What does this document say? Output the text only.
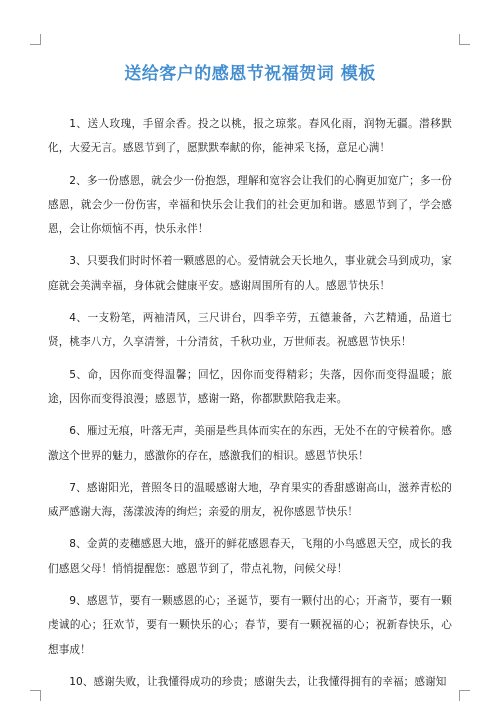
送给客户的感恩节祝福贺词 模板

1、送人玫瑰，手留余香。投之以桃，报之琼浆。春风化雨，润物无疆。潜移默化，大爱无言。感恩节到了，愿默默奉献的你，能神采飞扬，意足心满！

2、多一份感恩，就会少一份抱怨，理解和宽容会让我们的心胸更加宽广；多一份感恩，就会少一份伤害，幸福和快乐会让我们的社会更加和谐。感恩节到了，学会感恩，会让你烦恼不再，快乐永伴！

3、只要我们时时怀着一颗感恩的心。爱情就会天长地久，事业就会马到成功，家庭就会美满幸福，身体就会健康平安。感谢周围所有的人。感恩节快乐！

4、一支粉笔，两袖清风，三尺讲台，四季辛劳，五德兼备，六艺精通，品道七贤，桃李八方，久享清誉，十分清贫，千秋功业，万世师表。祝感恩节快乐！

5、命，因你而变得温馨；回忆，因你而变得精彩；失落，因你而变得温暖；旅途，因你而变得浪漫；感恩节，感谢一路，你都默默陪我走来。

6、雁过无痕，叶落无声，美丽是些具体而实在的东西，无处不在的守候着你。感激这个世界的魅力，感激你的存在，感激我们的相识。感恩节快乐！

7、感谢阳光，普照冬日的温暖感谢大地，孕育果实的香甜感谢高山，滋养青松的威严感谢大海，荡漾波涛的绚烂；亲爱的朋友，祝你感恩节快乐！

8、金黄的麦穗感恩大地，盛开的鲜花感恩春天，飞翔的小鸟感恩天空，成长的我们感恩父母！悄悄提醒您：感恩节到了，带点礼物，问候父母！

9、感恩节，要有一颗感恩的心；圣诞节，要有一颗付出的心；开斋节，要有一颗虔诚的心；狂欢节，要有一颗快乐的心；春节，要有一颗祝福的心；祝新春快乐，心想事成！

10、感谢失败，让我懂得成功的珍贵；感谢失去，让我懂得拥有的幸福；感谢知
